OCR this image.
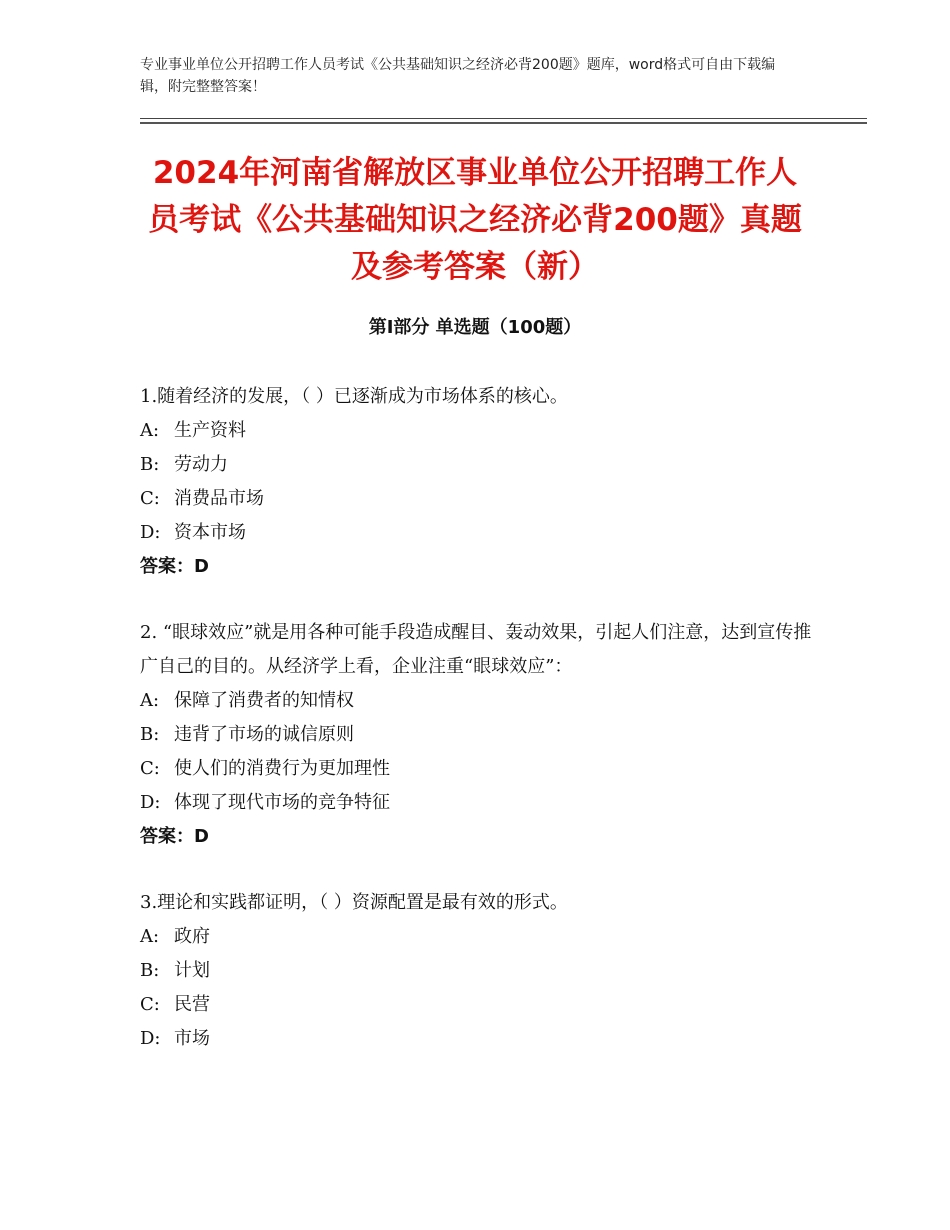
专业事业单位公开招聘工作人员考试《公共基础知识之经济必背200题》题库，word格式可自由下载编辑，附完整整答案！

2024年河南省解放区事业单位公开招聘工作人员考试《公共基础知识之经济必背200题》真题及参考答案（新）
第Ⅰ部分 单选题（100题）

1.随着经济的发展，（ ）已逐渐成为市场体系的核心。

A: 生产资料

B: 劳动力

C: 消费品市场

D: 资本市场

答案：D

2. “眼球效应”就是用各种可能手段造成醒目、轰动效果，引起人们注意，达到宣传推广自己的目的。从经济学上看，企业注重“眼球效应”：

A: 保障了消费者的知情权

B: 违背了市场的诚信原则

C: 使人们的消费行为更加理性

D: 体现了现代市场的竞争特征

答案：D

3.理论和实践都证明，（ ）资源配置是最有效的形式。

A: 政府

B: 计划

C: 民营

D: 市场
